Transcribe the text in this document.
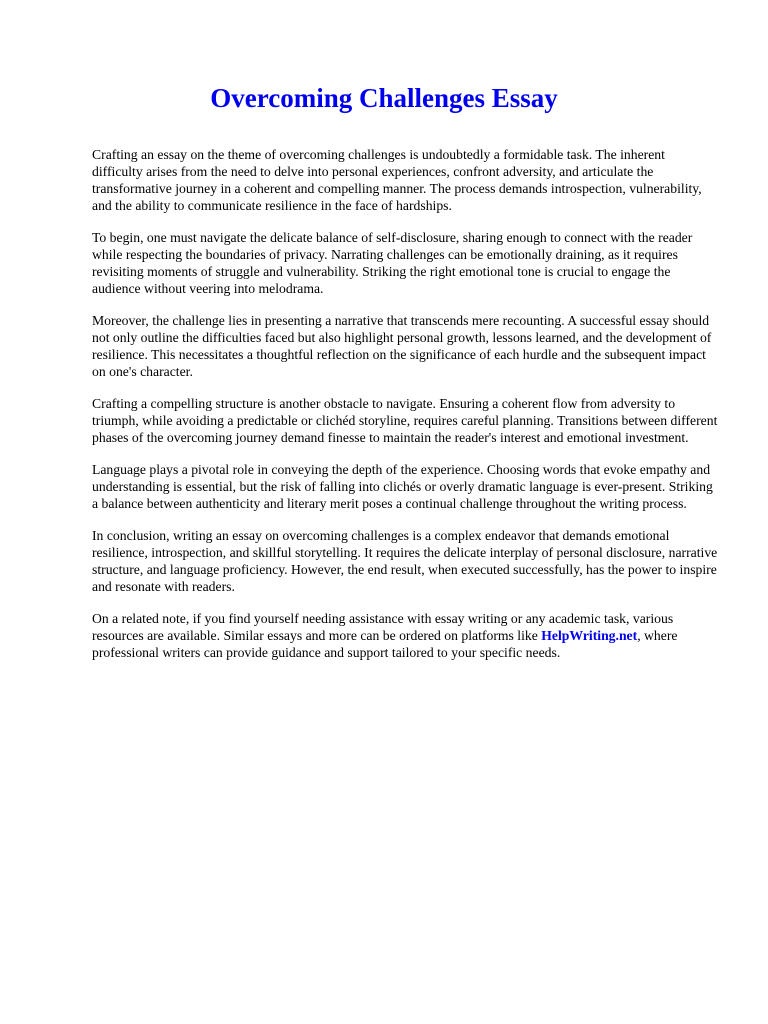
Overcoming Challenges Essay

Crafting an essay on the theme of overcoming challenges is undoubtedly a formidable task. The inherent difficulty arises from the need to delve into personal experiences, confront adversity, and articulate the transformative journey in a coherent and compelling manner. The process demands introspection, vulnerability, and the ability to communicate resilience in the face of hardships.

To begin, one must navigate the delicate balance of self-disclosure, sharing enough to connect with the reader while respecting the boundaries of privacy. Narrating challenges can be emotionally draining, as it requires revisiting moments of struggle and vulnerability. Striking the right emotional tone is crucial to engage the audience without veering into melodrama.

Moreover, the challenge lies in presenting a narrative that transcends mere recounting. A successful essay should not only outline the difficulties faced but also highlight personal growth, lessons learned, and the development of resilience. This necessitates a thoughtful reflection on the significance of each hurdle and the subsequent impact on one's character.

Crafting a compelling structure is another obstacle to navigate. Ensuring a coherent flow from adversity to triumph, while avoiding a predictable or clichéd storyline, requires careful planning. Transitions between different phases of the overcoming journey demand finesse to maintain the reader's interest and emotional investment.

Language plays a pivotal role in conveying the depth of the experience. Choosing words that evoke empathy and understanding is essential, but the risk of falling into clichés or overly dramatic language is ever-present. Striking a balance between authenticity and literary merit poses a continual challenge throughout the writing process.

In conclusion, writing an essay on overcoming challenges is a complex endeavor that demands emotional resilience, introspection, and skillful storytelling. It requires the delicate interplay of personal disclosure, narrative structure, and language proficiency. However, the end result, when executed successfully, has the power to inspire and resonate with readers.

On a related note, if you find yourself needing assistance with essay writing or any academic task, various resources are available. Similar essays and more can be ordered on platforms like HelpWriting.net, where professional writers can provide guidance and support tailored to your specific needs.
